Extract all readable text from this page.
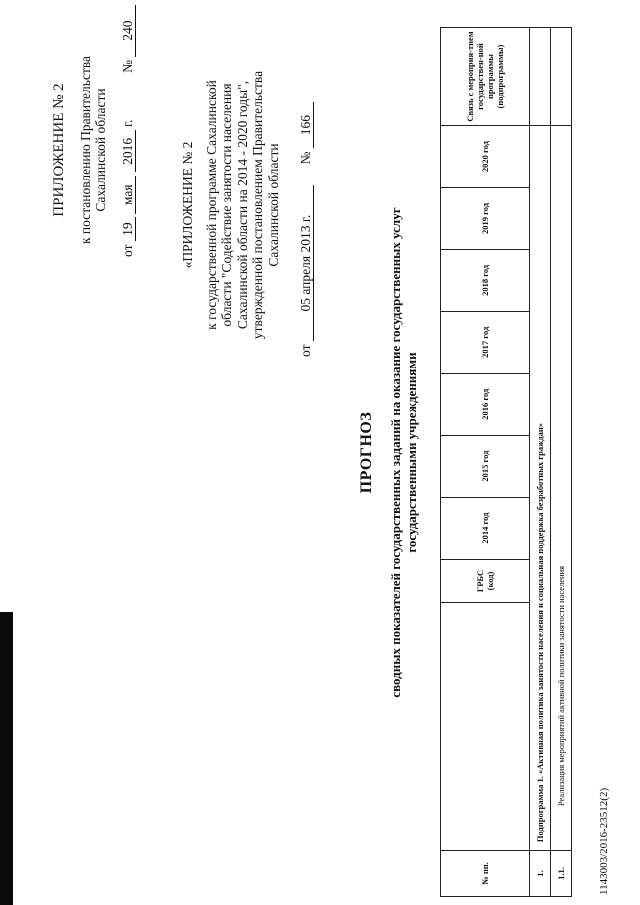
ПРИЛОЖЕНИЕ № 2 к постановлению Правительства Сахалинской области
от 19 мая 2016 г.  № 240
«ПРИЛОЖЕНИЕ № 2 к государственной программе Сахалинской области "Содействие занятости населения Сахалинской области на 2014 - 2020 годы", утвержденной постановлением Правительства Сахалинской области
от 05 апреля 2013 г.  № 166
ПРОГНОЗ сводных показателей государственных заданий на оказание государственных услуг государственными учреждениями
№ пп.		ГРБС (код)	2014 год	2015 год	2016 год	2017 год	2018 год	2019 год	2020 год	Связь с мероприя-тием государствен-ной программы (подпрограммы)
1.	Подпрограмма 1. «Активная политика занятости населения и социальная поддержка безработных граждан»									
1.1.	Реализация мероприятий активной политики занятости населения									
1143003/2016-23512(2)
